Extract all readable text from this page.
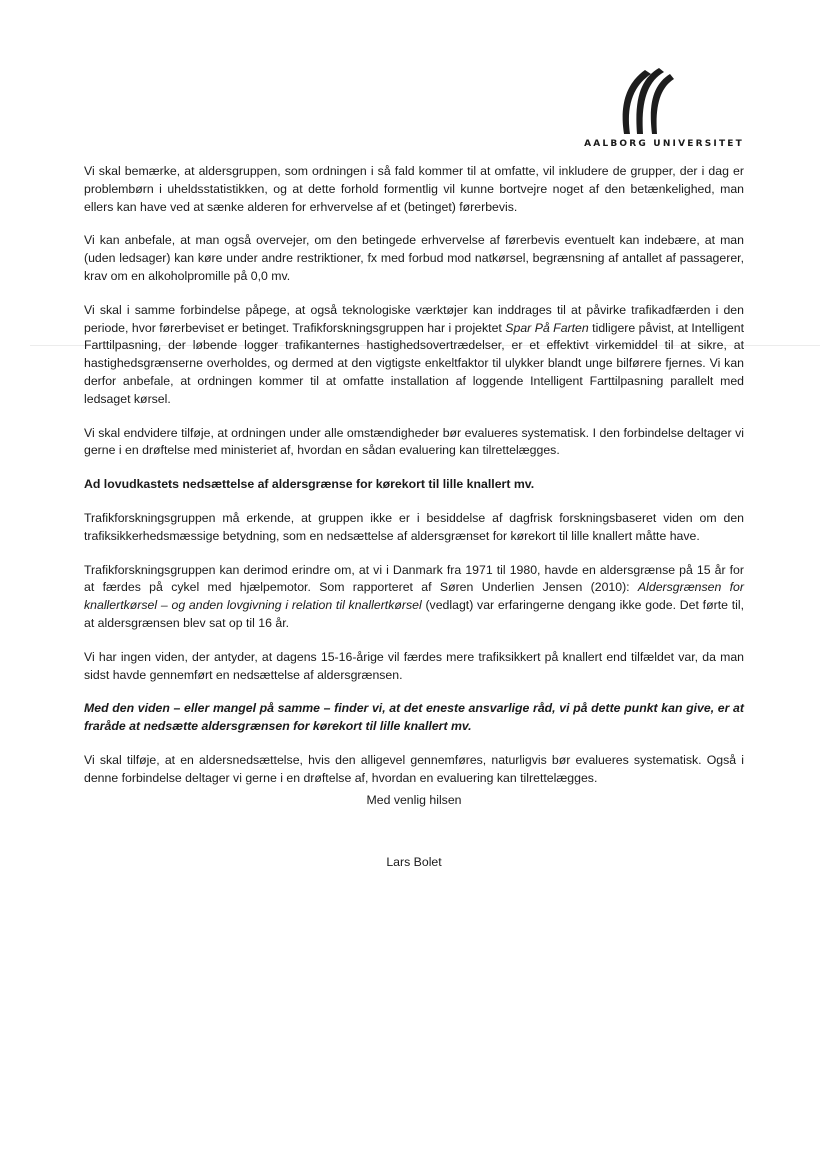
AALBORG UNIVERSITET

Vi skal bemærke, at aldersgruppen, som ordningen i så fald kommer til at omfatte, vil inkludere de grupper, der i dag er problembørn i uheldsstatistikken, og at dette forhold formentlig vil kunne bortvejre noget af den betænkelighed, man ellers kan have ved at sænke alderen for erhvervelse af et (betinget) førerbevis.

Vi kan anbefale, at man også overvejer, om den betingede erhvervelse af førerbevis eventuelt kan indebære, at man (uden ledsager) kan køre under andre restriktioner, fx med forbud mod natkørsel, begrænsning af antallet af passagerer, krav om en alkoholpromille på 0,0 mv.

Vi skal i samme forbindelse påpege, at også teknologiske værktøjer kan inddrages til at påvirke trafikadfærden i den periode, hvor førerbeviset er betinget. Trafikforskningsgruppen har i projektet Spar På Farten tidligere påvist, at Intelligent Farttilpasning, der løbende logger trafikanternes hastighedsovertrædelser, er et effektivt virkemiddel til at sikre, at hastighedsgrænserne overholdes, og dermed at den vigtigste enkeltfaktor til ulykker blandt unge bilførere fjernes. Vi kan derfor anbefale, at ordningen kommer til at omfatte installation af loggende Intelligent Farttilpasning parallelt med ledsaget kørsel.

Vi skal endvidere tilføje, at ordningen under alle omstændigheder bør evalueres systematisk. I den forbindelse deltager vi gerne i en drøftelse med ministeriet af, hvordan en sådan evaluering kan tilrettelægges.

Ad lovudkastets nedsættelse af aldersgrænse for kørekort til lille knallert mv.

Trafikforskningsgruppen må erkende, at gruppen ikke er i besiddelse af dagfrisk forskningsbaseret viden om den trafiksikkerhedsmæssige betydning, som en nedsættelse af aldersgrænset for kørekort til lille knallert måtte have.

Trafikforskningsgruppen kan derimod erindre om, at vi i Danmark fra 1971 til 1980, havde en aldersgrænse på 15 år for at færdes på cykel med hjælpemotor. Som rapporteret af Søren Underlien Jensen (2010): Aldersgrænsen for knallertkørsel – og anden lovgivning i relation til knallertkørsel (vedlagt) var erfaringerne dengang ikke gode. Det førte til, at aldersgrænsen blev sat op til 16 år.

Vi har ingen viden, der antyder, at dagens 15-16-årige vil færdes mere trafiksikkert på knallert end tilfældet var, da man sidst havde gennemført en nedsættelse af aldersgrænsen.

Med den viden – eller mangel på samme – finder vi, at det eneste ansvarlige råd, vi på dette punkt kan give, er at fraråde at nedsætte aldersgrænsen for kørekort til lille knallert mv.

Vi skal tilføje, at en aldersnedsættelse, hvis den alligevel gennemføres, naturligvis bør evalueres systematisk. Også i denne forbindelse deltager vi gerne i en drøftelse af, hvordan en evaluering kan tilrettelægges.

Med venlig hilsen
Lars Bolet
